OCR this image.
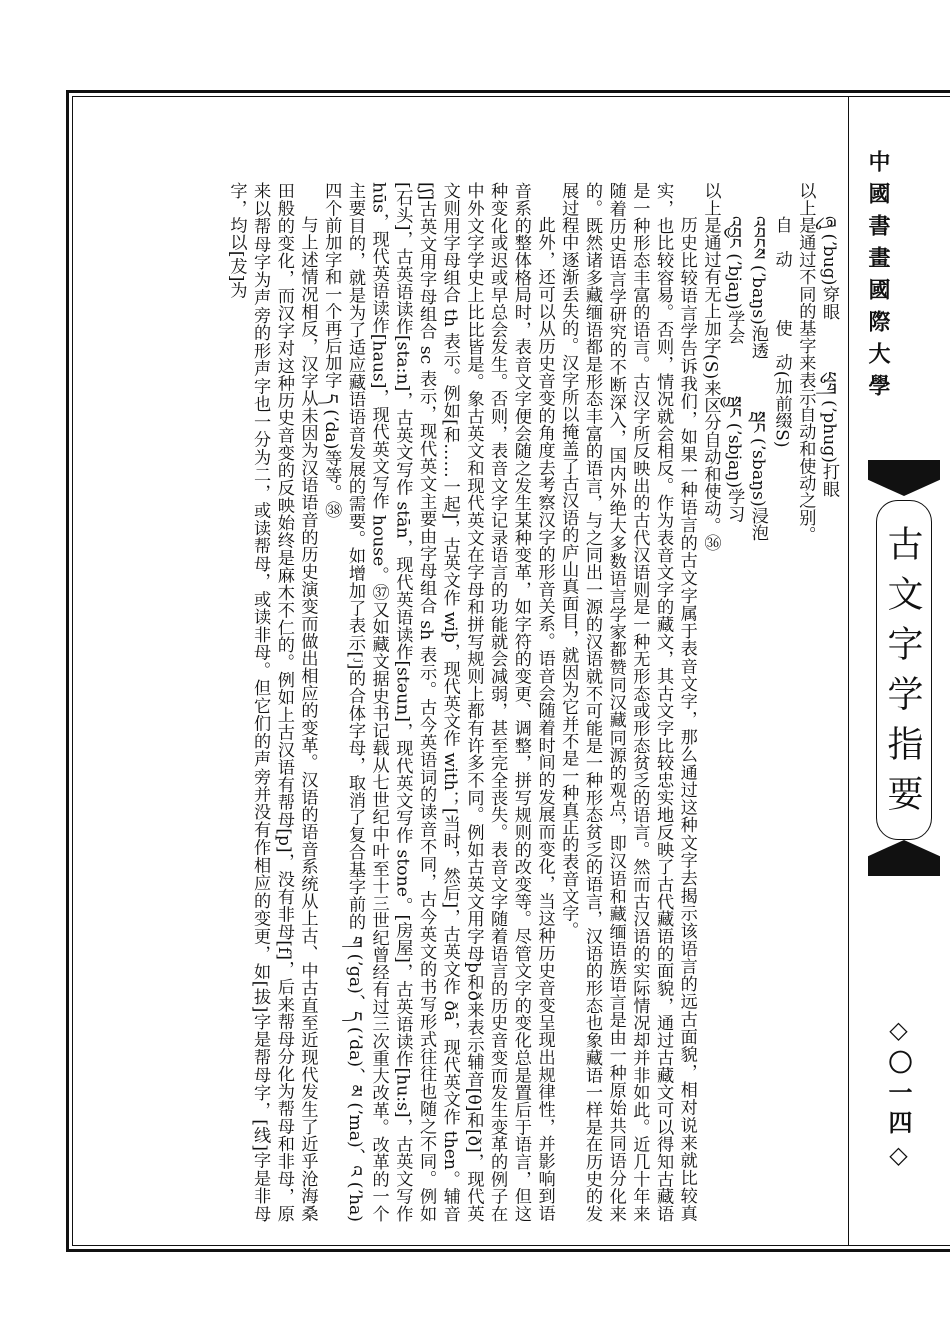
中國書畫國際大學
古文字学指要
◇〇一四◇

ཞུ (ʼbug)穿眼ཕུག (ʼphug)打眼

以上是通过不同的基字来表示自动和使动之别。

自　动使　动(加前缀S)

འབངས (ʼbaŋs)泡透སྦང (ʼsbaŋs)浸泡

འབྱང (ʼbjaŋ)学会སྦྱང (ʼsbjaŋ)学习

以上是通过有无上加字(S)来区分自动和使动。㊱

历史比较语言学告诉我们，如果一种语言的古文字属于表音文字，那么通过这种文字去揭示该语言的远古面貌，相对说来就比较真实，也比较容易。否则，情况就会相反。作为表音文字的藏文，其古文字比较忠实地反映了古代藏语的面貌，通过古藏文可以得知古藏语是一种形态丰富的语言。古汉字所反映出的古代汉语则是一种无形态或形态贫乏的语言。然而古汉语的实际情况却并非如此。近几十年来随着历史语言学研究的不断深入，国内外绝大多数语言学家都赞同汉藏同源的观点，即汉语和藏缅语族语言是由一种原始共同语分化来的。既然诸多藏缅语都是形态丰富的语言，与之同出一源的汉语就不可能是一种形态贫乏的语言，汉语的形态也象藏语一样是在历史的发展过程中逐渐丢失的。汉字所以掩盖了古汉语的庐山真面目，就因为它并不是一种真正的表音文字。

此外，还可以从历史音变的角度去考察汉字的形音关系。语音会随着时间的发展而变化，当这种历史音变呈现出规律性，并影响到语音系的整体格局时，表音文字便会随之发生某种变革，如字符的变更、调整，拼写规则的改变等。尽管文字的变化总是置后于语言，但这种变化或迟或早总会发生。否则，表音文字记录语言的功能就会减弱，甚至完全丧失。表音文字随着语言的历史音变而发生变革的例子在中外文字学史上比比皆是。象古英文和现代英文在字母和拼写规则上都有许多不同。例如古英文用字母þ和ð来表示辅音[θ]和[ð]，现代英文则用字母组合 th 表示。例如[和……一起]，古英文作 wiþ，现代英文作 with；[当时，然后]，古英文作 ðā，现代英文作 then。辅音[ʃ]古英文用字母组合 sc 表示，现代英文主要由字母组合 sh 表示。古今英语词的读音不同，古今英文的书写形式往往也随之不同。例如[石头]，古英语读作[sta:n]，古英文写作 stān，现代英语读作[stəun]，现代英文写作 stone。[房屋]，古英语读作[hu:s]，古英文写作 hūs，现代英语读作[haus]，现代英文写作 house。㊲又如藏文据史书记载从七世纪中叶至十三世纪曾经有过三次重大改革。改革的一个主要目的，就是为了适应藏语语音发展的需要。如增加了表示[ʲ]的合体字母，取消了复合基字前的 ག (ʼga)、ད (ʼda)、མ (ʼma)、འ (ʼha)四个前加字和一个再后加字 ད (ʼda)等等。㊳

与上述情况相反，汉字从未因为汉语语音的历史演变而做出相应的变革。汉语的语音系统从上古、中古直至近现代发生了近乎沧海桑田般的变化，而汉字对这种历史音变的反映始终是麻木不仁的。例如上古汉语有帮母[p]，没有非母[f]，后来帮母分化为帮母和非母，原来以帮母字为声旁的形声字也一分为二，或读帮母，或读非母。但它们的声旁并没有作相应的变更，如[拔]字是帮母字，[线]字是非母字，均以[犮]为
